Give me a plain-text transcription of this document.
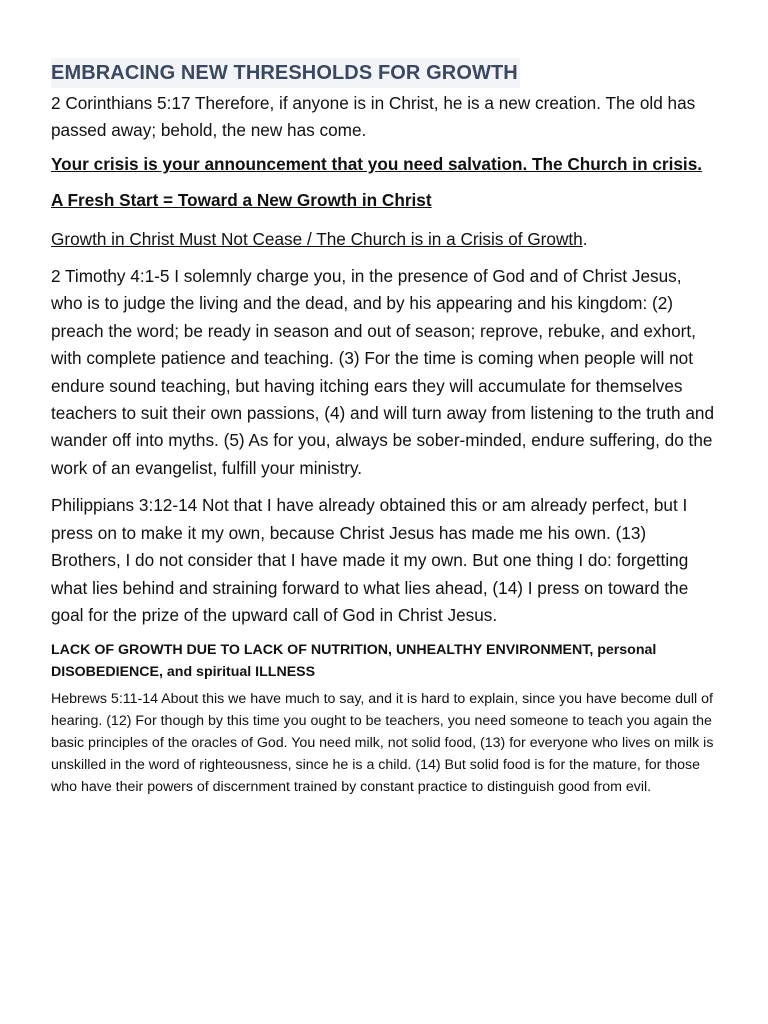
EMBRACING NEW THRESHOLDS FOR GROWTH

2 Corinthians 5:17 Therefore, if anyone is in Christ, he is a new creation. The old has passed away; behold, the new has come.

Your crisis is your announcement that you need salvation. The Church in crisis.

A Fresh Start = Toward a New Growth in Christ

Growth in Christ Must Not Cease / The Church is in a Crisis of Growth.

2 Timothy 4:1-5 I solemnly charge you, in the presence of God and of Christ Jesus, who is to judge the living and the dead, and by his appearing and his kingdom: (2) preach the word; be ready in season and out of season; reprove, rebuke, and exhort, with complete patience and teaching. (3) For the time is coming when people will not endure sound teaching, but having itching ears they will accumulate for themselves teachers to suit their own passions, (4) and will turn away from listening to the truth and wander off into myths. (5) As for you, always be sober-minded, endure suffering, do the work of an evangelist, fulfill your ministry.

Philippians 3:12-14 Not that I have already obtained this or am already perfect, but I press on to make it my own, because Christ Jesus has made me his own. (13) Brothers, I do not consider that I have made it my own. But one thing I do: forgetting what lies behind and straining forward to what lies ahead, (14) I press on toward the goal for the prize of the upward call of God in Christ Jesus.

LACK OF GROWTH DUE TO LACK OF NUTRITION, UNHEALTHY ENVIRONMENT, personal DISOBEDIENCE, and spiritual ILLNESS

Hebrews 5:11-14 About this we have much to say, and it is hard to explain, since you have become dull of hearing. (12) For though by this time you ought to be teachers, you need someone to teach you again the basic principles of the oracles of God. You need milk, not solid food, (13) for everyone who lives on milk is unskilled in the word of righteousness, since he is a child. (14) But solid food is for the mature, for those who have their powers of discernment trained by constant practice to distinguish good from evil.
